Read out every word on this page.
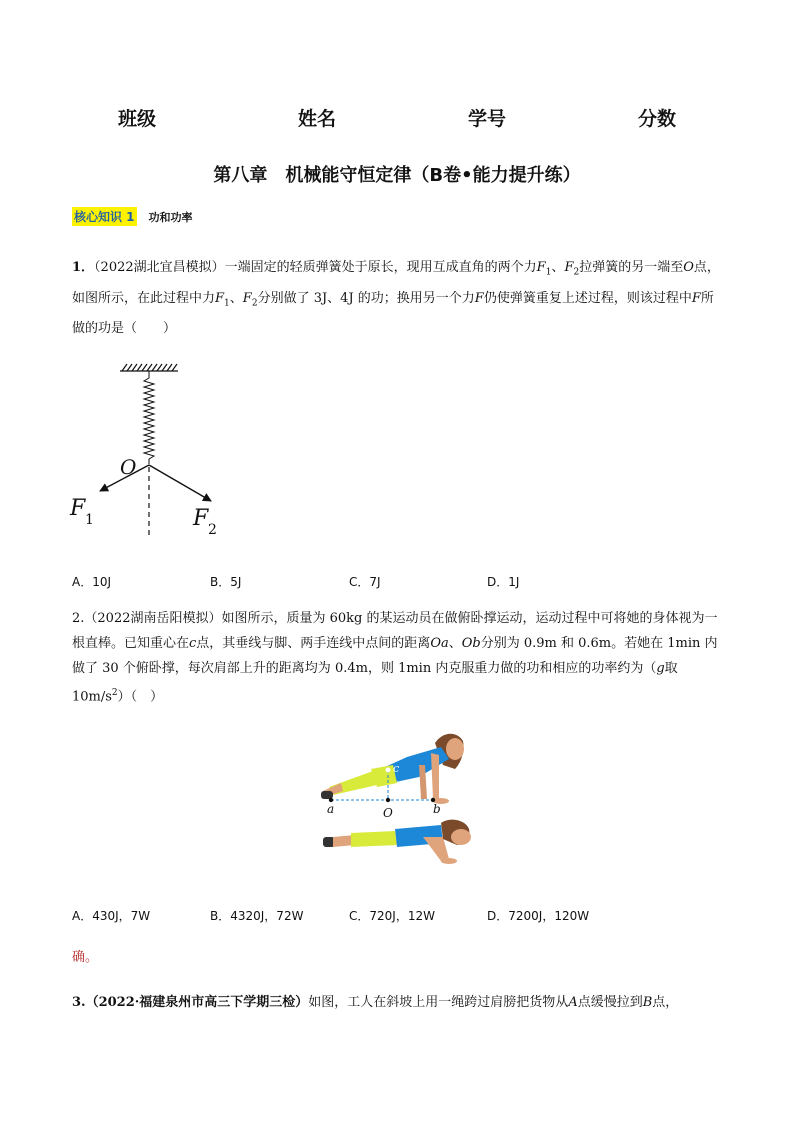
班级	姓名	学号	分数
第八章　机械能守恒定律（B卷•能力提升练）
核心知识 1 功和功率
1．（2022湖北宜昌模拟）一端固定的轻质弹簧处于原长，现用互成直角的两个力$F_1$、$F_2$拉弹簧的另一端至O点，如图所示，在此过程中力$F_1$、$F_2$分别做了 3J、4J 的功；换用另一个力F仍使弹簧重复上述过程，则该过程中F所做的功是（　　）
O
F 1	F 2
A．10J	B．5J	C．7J	D．1J
2.（2022湖南岳阳模拟）如图所示，质量为 60kg 的某运动员在做俯卧撑运动，运动过程中可将她的身体视为一根直棒。已知重心在c点，其垂线与脚、两手连线中点间的距离Oa、Ob分别为 0.9m 和 0.6m。若她在 1min 内做了 30 个俯卧撑，每次肩部上升的距离均为 0.4m，则 1min 内克服重力做的功和相应的功率约为（g取 $10m/s^2$）（　）
c
a	O	b
A．430J，7W	B．4320J，72W	C．720J，12W	D．7200J，120W
确。
3.（2022·福建泉州市高三下学期三检）如图，工人在斜坡上用一绳跨过肩膀把货物从A点缓慢拉到B点，
